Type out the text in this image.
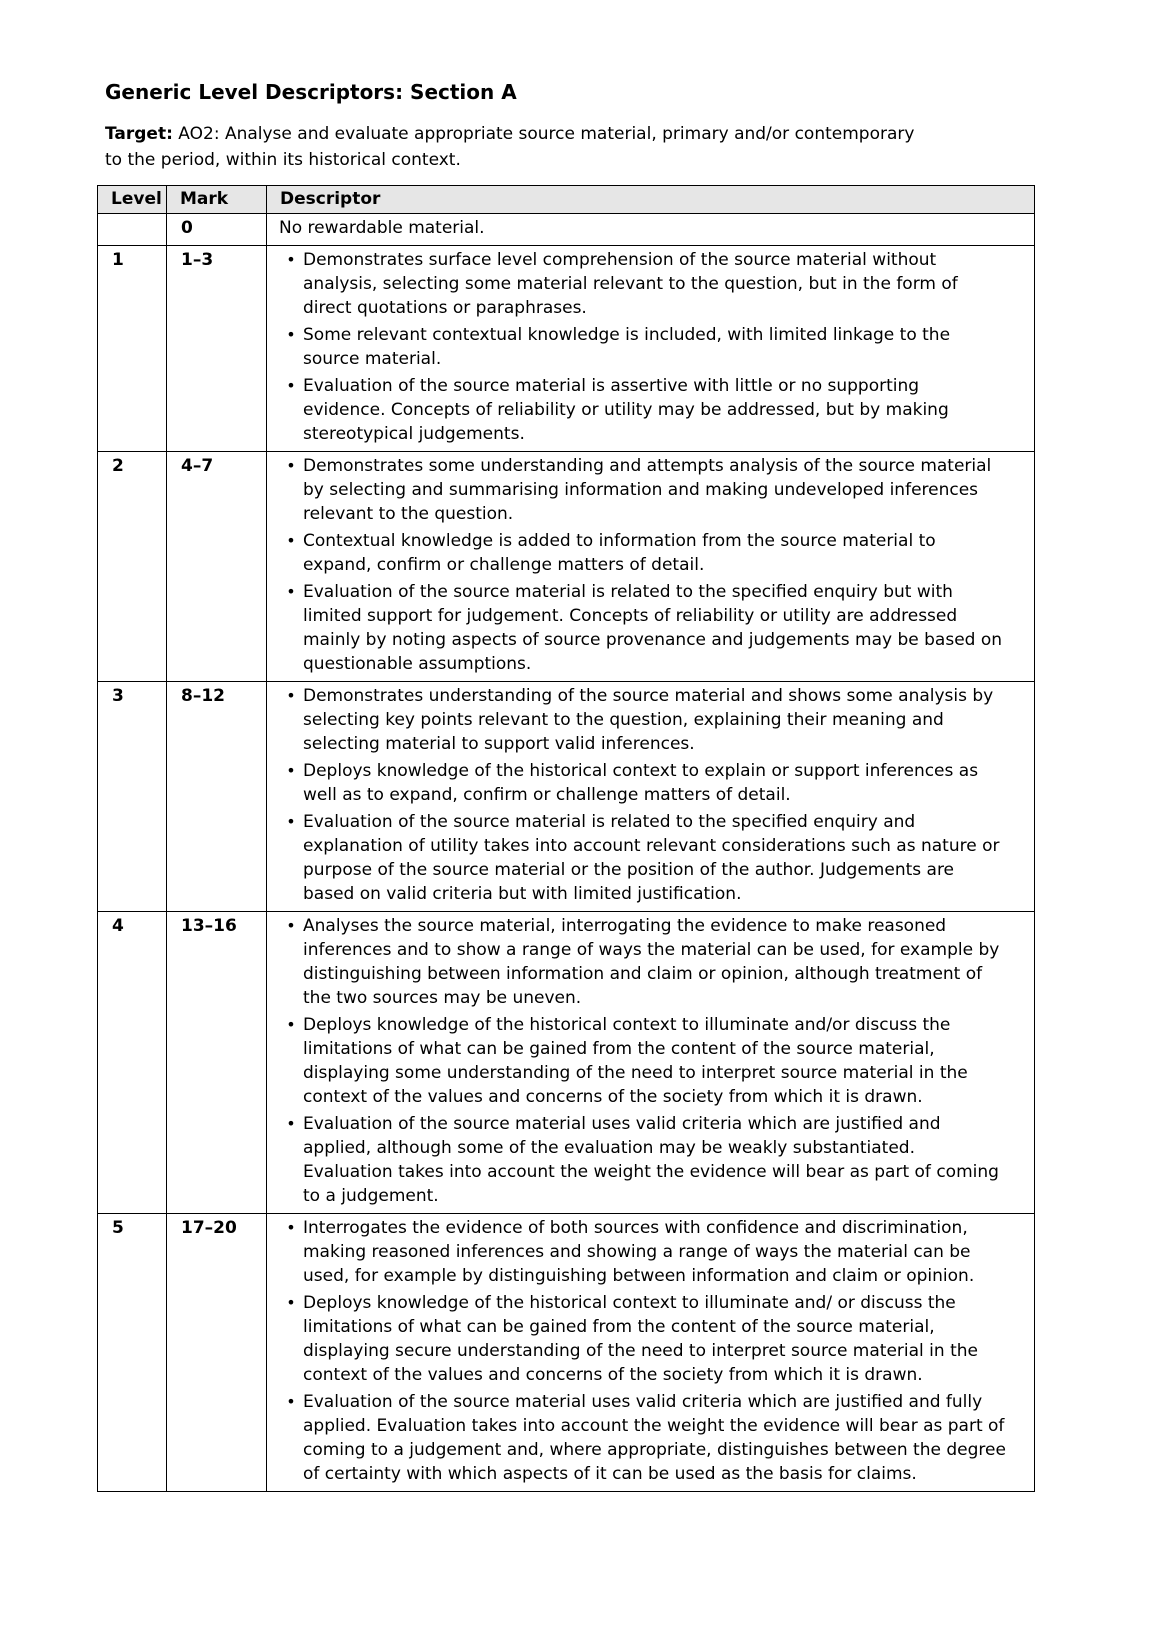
Generic Level Descriptors: Section A

Target: AO2: Analyse and evaluate appropriate source material, primary and/or contemporary to the period, within its historical context.

Level	Mark	Descriptor
	0	No rewardable material.
1	1–3	• Demonstrates surface level comprehension of the source material without analysis, selecting some material relevant to the question, but in the form of direct quotations or paraphrases.
• Some relevant contextual knowledge is included, with limited linkage to the source material.
• Evaluation of the source material is assertive with little or no supporting evidence. Concepts of reliability or utility may be addressed, but by making stereotypical judgements.

2	4–7	• Demonstrates some understanding and attempts analysis of the source material by selecting and summarising information and making undeveloped inferences relevant to the question.
• Contextual knowledge is added to information from the source material to expand, confirm or challenge matters of detail.
• Evaluation of the source material is related to the specified enquiry but with limited support for judgement. Concepts of reliability or utility are addressed mainly by noting aspects of source provenance and judgements may be based on questionable assumptions.

3	8–12	• Demonstrates understanding of the source material and shows some analysis by selecting key points relevant to the question, explaining their meaning and selecting material to support valid inferences.
• Deploys knowledge of the historical context to explain or support inferences as well as to expand, confirm or challenge matters of detail.
• Evaluation of the source material is related to the specified enquiry and explanation of utility takes into account relevant considerations such as nature or purpose of the source material or the position of the author. Judgements are based on valid criteria but with limited justification.

4	13–16	• Analyses the source material, interrogating the evidence to make reasoned inferences and to show a range of ways the material can be used, for example by distinguishing between information and claim or opinion, although treatment of the two sources may be uneven.
• Deploys knowledge of the historical context to illuminate and/or discuss the limitations of what can be gained from the content of the source material, displaying some understanding of the need to interpret source material in the context of the values and concerns of the society from which it is drawn.
• Evaluation of the source material uses valid criteria which are justified and applied, although some of the evaluation may be weakly substantiated. Evaluation takes into account the weight the evidence will bear as part of coming to a judgement.

5	17–20	• Interrogates the evidence of both sources with confidence and discrimination, making reasoned inferences and showing a range of ways the material can be used, for example by distinguishing between information and claim or opinion.
• Deploys knowledge of the historical context to illuminate and/ or discuss the limitations of what can be gained from the content of the source material, displaying secure understanding of the need to interpret source material in the context of the values and concerns of the society from which it is drawn.
• Evaluation of the source material uses valid criteria which are justified and fully applied. Evaluation takes into account the weight the evidence will bear as part of coming to a judgement and, where appropriate, distinguishes between the degree of certainty with which aspects of it can be used as the basis for claims.
